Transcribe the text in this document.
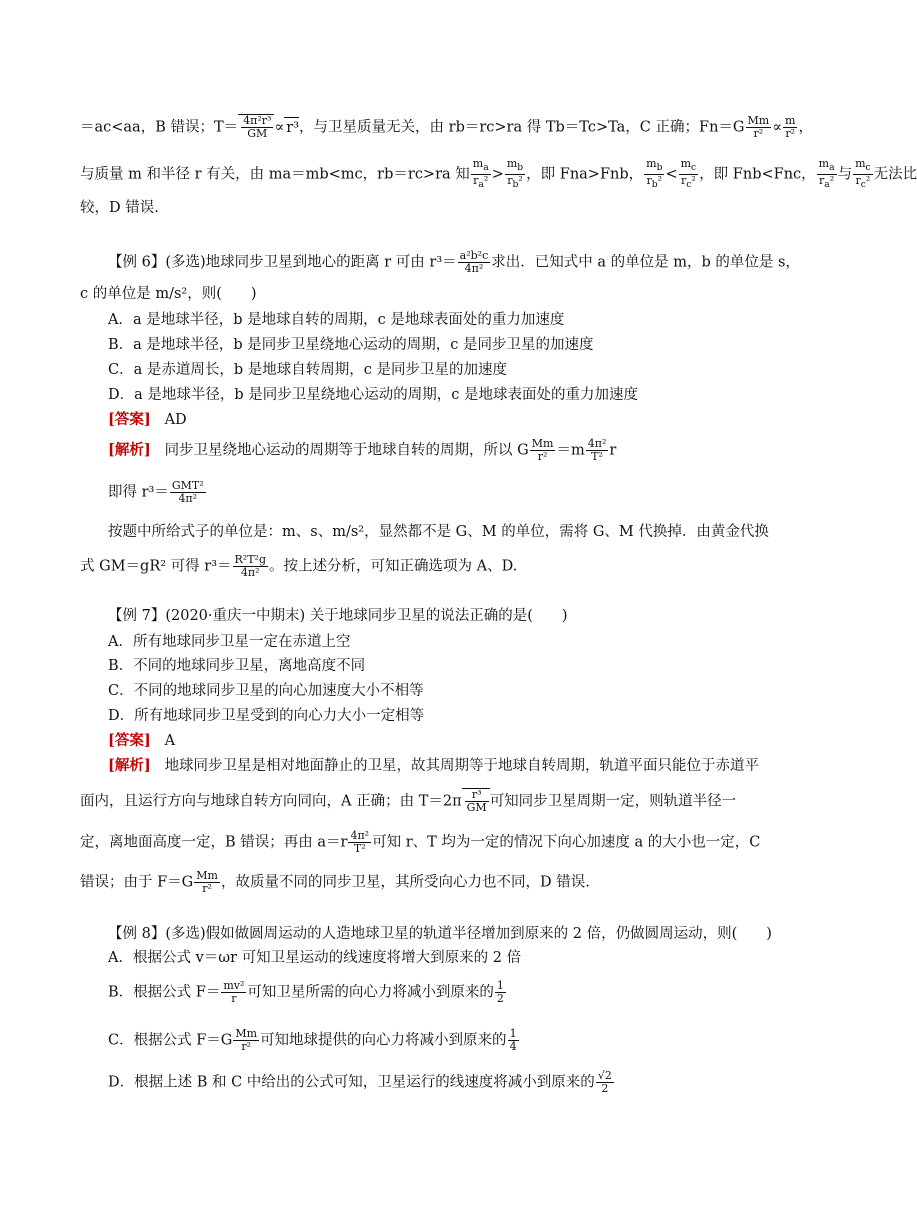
＝ac<aa，B 错误；$T= \frac{\text{4π²r³}}{GM} \propto r^3$，与卫星质量无关，由 rb＝rc>ra 得 Tb＝Tc>Ta，C 正确；$Fn=G \frac{Mm}{\text{r²}} \propto \frac{m}{\text{r²}}$ ，
与质量 m 和半径 r 有关，由 ma＝mb<mc，rb＝rc>ra 知 $\frac{m_a}{r_a^2} > \frac{m_b}{r_b^2}$ ，即 Fna>Fnb， $\frac{m_b}{r_b^2} < \frac{m_c}{r_c^2}$ ，即 Fnb<Fnc， $\frac{m_a}{r_a^2}$ 与 $\frac{m_c}{r_c^2}$ 无法比
较，D 错误.
【例 6】(多选)地球同步卫星到地心的距离 r 可由 $r^3= \frac{\text{a²b²c}}{\text{4π²}}$ 求出．已知式中 a 的单位是 m，b 的单位是 s，
c 的单位是 m/s²，则(　　)
A．a 是地球半径，b 是地球自转的周期，c 是地球表面处的重力加速度
B．a 是地球半径，b 是同步卫星绕地心运动的周期，c 是同步卫星的加速度
C．a 是赤道周长，b 是地球自转周期，c 是同步卫星的加速度
D．a 是地球半径，b 是同步卫星绕地心运动的周期，c 是地球表面处的重力加速度
[答案] AD
[解析] 同步卫星绕地心运动的周期等于地球自转的周期，所以 G $\frac{Mm}{\text{r²}} =m \frac{\text{4π²}}{\text{T²}}$ r
即得 $r^3= \frac{\text{GMT²}}{\text{4π²}}$
按题中所给式子的单位是：m、s、m/s²，显然都不是 G、M 的单位，需将 G、M 代换掉．由黄金代换
式 GM＝gR² 可得 $r^3= \frac{\text{R²T²g}}{\text{4π²}}$ 。按上述分析，可知正确选项为 A、D.
【例 7】(2020·重庆一中期末) 关于地球同步卫星的说法正确的是(　　)
A．所有地球同步卫星一定在赤道上空
B．不同的地球同步卫星，离地高度不同
C．不同的地球同步卫星的向心加速度大小不相等
D．所有地球同步卫星受到的向心力大小一定相等
[答案] A
[解析] 地球同步卫星是相对地面静止的卫星，故其周期等于地球自转周期，轨道平面只能位于赤道平
面内，且运行方向与地球自转方向同向，A 正确；由 $T=2\pi \frac{\text{r³}}{GM}$ 可知同步卫星周期一定，则轨道半径一
定，离地面高度一定，B 错误；再由 $a=r \frac{\text{4π²}}{\text{T²}}$ 可知 r、T 均为一定的情况下向心加速度 a 的大小也一定，C
错误；由于 $F=G \frac{Mm}{\text{r²}}$ ，故质量不同的同步卫星，其所受向心力也不同，D 错误.
【例 8】(多选)假如做圆周运动的人造地球卫星的轨道半径增加到原来的 2 倍，仍做圆周运动，则(　　)
A．根据公式 v＝ωr 可知卫星运动的线速度将增大到原来的 2 倍
B．根据公式 $F= \frac{\text{mv²}}{r}$ 可知卫星所需的向心力将减小到原来的 $\frac{1}{2}$
C．根据公式 $F=G \frac{Mm}{\text{r²}}$ 可知地球提供的向心力将减小到原来的 $\frac{1}{4}$
D．根据上述 B 和 C 中给出的公式可知，卫星运行的线速度将减小到原来的 $\frac{√2}{2}$
